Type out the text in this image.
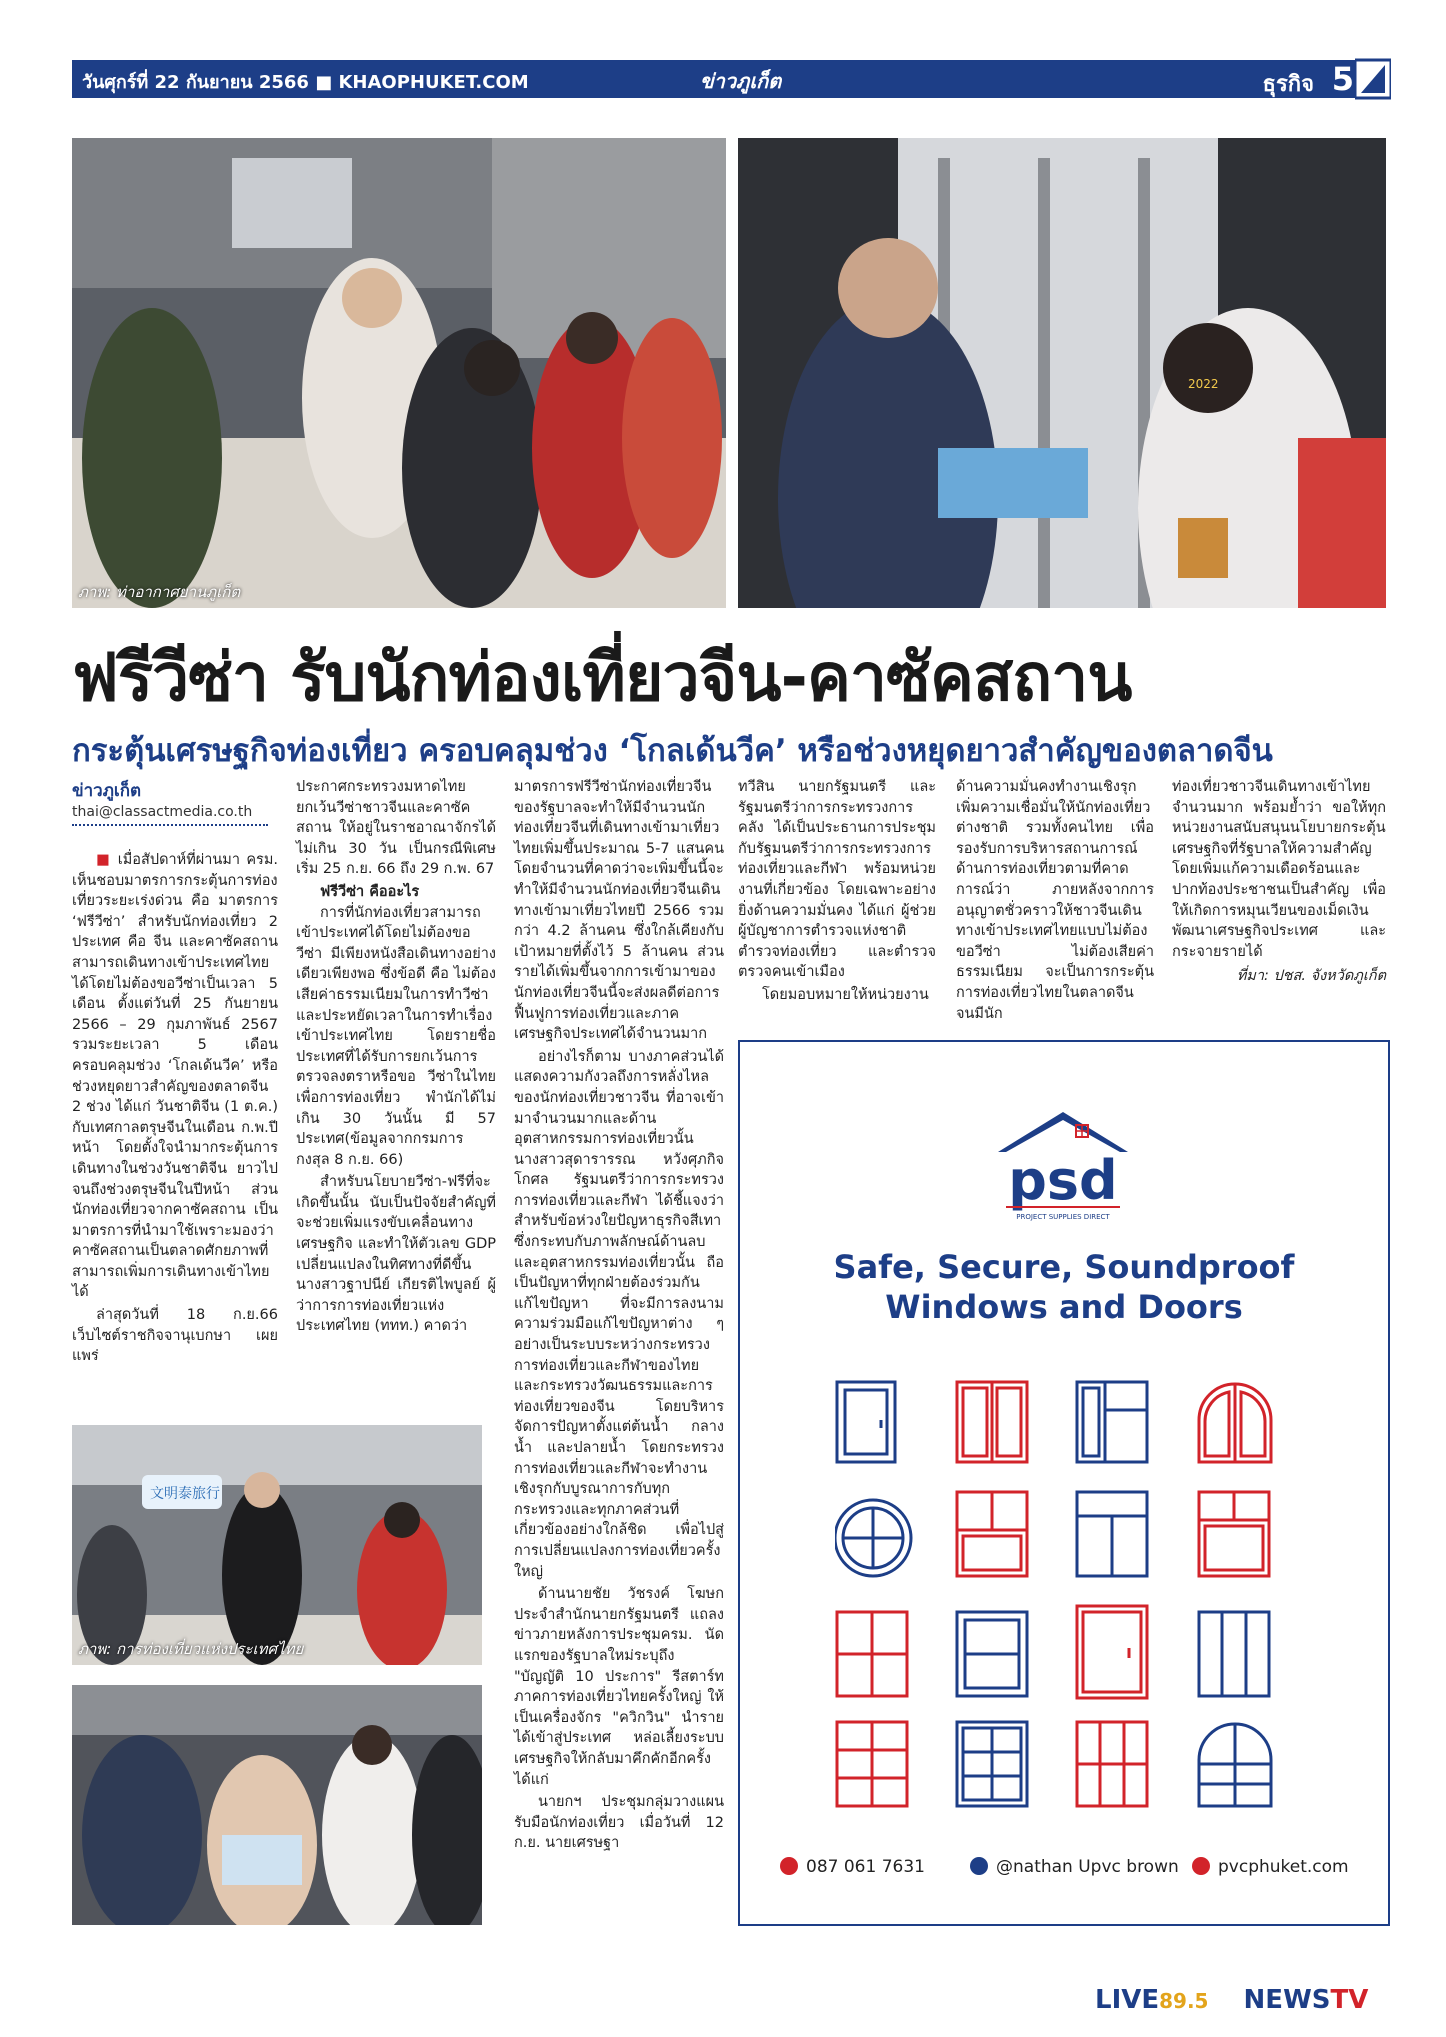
วันศุกร์ที่ 22 กันยายน 2566 ■ KHAOPHUKET.COM	ข่าวภูเก็ต	ธุรกิจ 5
ภาพ: ท่าอากาศยานภูเก็ต
2022
ฟรีวีซ่า รับนักท่องเที่ยวจีน-คาซัคสถาน
กระตุ้นเศรษฐกิจท่องเที่ยว ครอบคลุมช่วง ‘โกลเด้นวีค’ หรือช่วงหยุดยาวสำคัญของตลาดจีน
ข่าวภูเก็ต
thai@classactmedia.co.th

■ เมื่อสัปดาห์ที่ผ่านมา ครม. เห็นชอบมาตรการกระตุ้นการท่องเที่ยวระยะเร่งด่วน คือ มาตรการ ‘ฟรีวีซ่า’ สำหรับนักท่องเที่ยว 2 ประเทศ คือ จีน และคาซัคสถาน สามารถเดินทางเข้าประเทศไทยได้โดยไม่ต้องขอวีซ่าเป็นเวลา 5 เดือน ตั้งแต่วันที่ 25 กันยายน 2566 – 29 กุมภาพันธ์ 2567 รวมระยะเวลา 5 เดือน ครอบคลุมช่วง ‘โกลเด้นวีค’ หรือช่วงหยุดยาวสำคัญของตลาดจีน 2 ช่วง ได้แก่ วันชาติจีน (1 ต.ค.) กับเทศกาลตรุษจีนในเดือน ก.พ.ปีหน้า โดยตั้งใจนำมากระตุ้นการเดินทางในช่วงวันชาติจีน ยาวไปจนถึงช่วงตรุษจีนในปีหน้า ส่วนนักท่องเที่ยวจากคาซัคสถาน เป็นมาตรการที่นำมาใช้เพราะมองว่าคาซัคสถานเป็นตลาดศักยภาพที่สามารถเพิ่มการเดินทางเข้าไทยได้

ล่าสุดวันที่ 18 ก.ย.66 เว็บไซต์ราชกิจจานุเบกษา เผยแพร่

文明泰旅行
ภาพ: การท่องเที่ยวแห่งประเทศไทย

ประกาศกระทรวงมหาดไทย ยกเว้นวีซ่าชาวจีนและคาซัคสถาน ให้อยู่ในราชอาณาจักรได้ไม่เกิน 30 วัน เป็นกรณีพิเศษ เริ่ม 25 ก.ย. 66 ถึง 29 ก.พ. 67

ฟรีวีซ่า คืออะไร

การที่นักท่องเที่ยวสามารถเข้าประเทศได้โดยไม่ต้องขอวีซ่า มีเพียงหนังสือเดินทางอย่างเดียวเพียงพอ ซึ่งข้อดี คือ ไม่ต้องเสียค่าธรรมเนียมในการทำวีซ่า และประหยัดเวลาในการทำเรื่องเข้าประเทศไทย โดยรายชื่อประเทศที่ได้รับการยกเว้นการตรวจลงตราหรือขอ วีซ่าในไทยเพื่อการท่องเที่ยว พำนักได้ไม่เกิน 30 วันนั้น มี 57 ประเทศ(ข้อมูลจากกรมการกงสุล 8 ก.ย. 66)

สำหรับนโยบายวีซ่า-ฟรีที่จะเกิดขึ้นนั้น นับเป็นปัจจัยสำคัญที่จะช่วยเพิ่มแรงขับเคลื่อนทางเศรษฐกิจ และทำให้ตัวเลข GDP เปลี่ยนแปลงในทิศทางที่ดีขึ้น นางสาวฐาปนีย์ เกียรติไพบูลย์ ผู้ว่าการการท่องเที่ยวแห่งประเทศไทย (ททท.) คาดว่า

มาตรการฟรีวีซ่านักท่องเที่ยวจีนของรัฐบาลจะทำให้มีจำนวนนักท่องเที่ยวจีนที่เดินทางเข้ามาเที่ยวไทยเพิ่มขึ้นประมาณ 5-7 แสนคน โดยจำนวนที่คาดว่าจะเพิ่มขึ้นนี้จะทำให้มีจำนวนนักท่องเที่ยวจีนเดินทางเข้ามาเที่ยวไทยปี 2566 รวมกว่า 4.2 ล้านคน ซึ่งใกล้เคียงกับเป้าหมายที่ตั้งไว้ 5 ล้านคน ส่วนรายได้เพิ่มขึ้นจากการเข้ามาของนักท่องเที่ยวจีนนี้จะส่งผลดีต่อการฟื้นฟูการท่องเที่ยวและภาคเศรษฐกิจประเทศได้จำนวนมาก

อย่างไรก็ตาม บางภาคส่วนได้แสดงความกังวลถึงการหลั่งไหลของนักท่องเที่ยวชาวจีน ที่อาจเข้ามาจำนวนมากและด้านอุตสาหกรรมการท่องเที่ยวนั้น นางสาวสุดารารรณ หวังศุภกิจโกศล รัฐมนตรีว่าการกระทรวงการท่องเที่ยวและกีฬา ได้ชี้แจงว่า สำหรับข้อห่วงใยปัญหาธุรกิจสีเทา ซึ่งกระทบกับภาพลักษณ์ด้านลบและอุตสาหกรรมท่องเที่ยวนั้น ถือเป็นปัญหาที่ทุกฝ่ายต้องร่วมกันแก้ไขปัญหา ที่จะมีการลงนามความร่วมมือแก้ไขปัญหาต่าง ๆ อย่างเป็นระบบระหว่างกระทรวงการท่องเที่ยวและกีฬาของไทย และกระทรวงวัฒนธรรมและการท่องเที่ยวของจีน โดยบริหารจัดการปัญหาตั้งแต่ต้นน้ำ กลางน้ำ และปลายน้ำ โดยกระทรวงการท่องเที่ยวและกีฬาจะทำงานเชิงรุกกับบูรณาการกับทุกกระทรวงและทุกภาคส่วนที่เกี่ยวข้องอย่างใกล้ชิด เพื่อไปสู่การเปลี่ยนแปลงการท่องเที่ยวครั้งใหญ่

ด้านนายชัย วัชรงค์ โฆษกประจำสำนักนายกรัฐมนตรี แถลงข่าวภายหลังการประชุมครม. นัดแรกของรัฐบาลใหม่ระบุถึง "บัญญัติ 10 ประการ" รีสตาร์ทภาคการท่องเที่ยวไทยครั้งใหญ่ ให้เป็นเครื่องจักร "ควิกวิน" นำรายได้เข้าสู่ประเทศ หล่อเลี้ยงระบบเศรษฐกิจให้กลับมาคึกคักอีกครั้งได้แก่

นายกฯ ประชุมกลุ่มวางแผนรับมือนักท่องเที่ยว เมื่อวันที่ 12 ก.ย. นายเศรษฐา

ทวีสิน นายกรัฐมนตรี และรัฐมนตรีว่าการกระทรวงการคลัง ได้เป็นประธานการประชุมกับรัฐมนตรีว่าการกระทรวงการท่องเที่ยวและกีฬา พร้อมหน่วยงานที่เกี่ยวข้อง โดยเฉพาะอย่างยิ่งด้านความมั่นคง ได้แก่ ผู้ช่วยผู้บัญชาการตำรวจแห่งชาติ ตำรวจท่องเที่ยว และตำรวจตรวจคนเข้าเมือง

โดยมอบหมายให้หน่วยงาน

ด้านความมั่นคงทำงานเชิงรุกเพิ่มความเชื่อมั่นให้นักท่องเที่ยวต่างชาติ รวมทั้งคนไทย เพื่อรองรับการบริหารสถานการณ์ด้านการท่องเที่ยวตามที่คาดการณ์ว่า ภายหลังจากการอนุญาตชั่วคราวให้ชาวจีนเดินทางเข้าประเทศไทยแบบไม่ต้องขอวีซ่า ไม่ต้องเสียค่าธรรมเนียม จะเป็นการกระตุ้นการท่องเที่ยวไทยในตลาดจีน จนมีนัก

ท่องเที่ยวชาวจีนเดินทางเข้าไทยจำนวนมาก พร้อมย้ำว่า ขอให้ทุกหน่วยงานสนับสนุนนโยบายกระตุ้นเศรษฐกิจที่รัฐบาลให้ความสำคัญ โดยเพิ่มแก้ความเดือดร้อนและปากท้องประชาชนเป็นสำคัญ เพื่อให้เกิดการหมุนเวียนของเม็ดเงิน พัฒนาเศรษฐกิจประเทศ และกระจายรายได้

ที่มา: ปชส. จังหวัดภูเก็ต
psd
PROJECT SUPPLIES DIRECT
Safe, Secure, Soundproof
Windows and Doors
087 061 7631	@nathan Upvc brown	pvcphuket.com
LIVE89.5 NEWSTV
